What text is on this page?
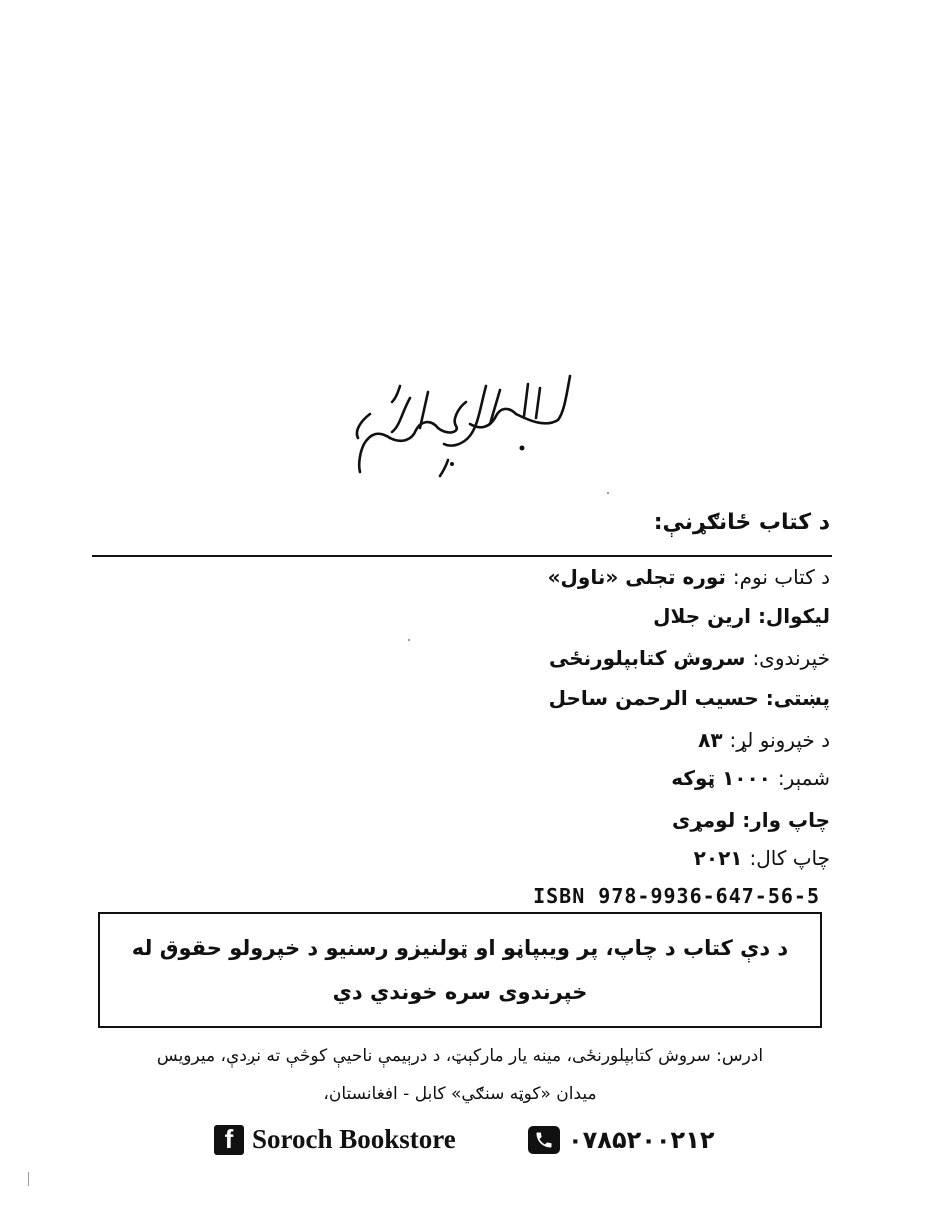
د کتاب ځانګړنې:
د کتاب نوم: توره تجلی «ناول»
لیکوال: ارین جلال
خپرندوی: سروش کتابپلورنځی
پښتی: حسیب الرحمن ساحل
د خپرونو لړ: ۸۳
شمېر: ۱۰۰۰ ټوکه
چاپ وار: لومړی
چاپ کال: ۲۰۲۱
ISBN 978-9936-647-56-5
د دې کتاب د چاپ، پر ویبپاڼو او ټولنیزو رسنیو د خپرولو حقوق له
خپرندوی سره خوندي دي
ادرس: سروش کتابپلورنځی، مینه یار مارکېټ، د درېیمې ناحیې کوڅې ته نږدې، میرویس
میدان «کوټه سنګي» کابل - افغانستان،
f Soroch Bookstore	۰۷۸۵۲۰۰۲۱۲
